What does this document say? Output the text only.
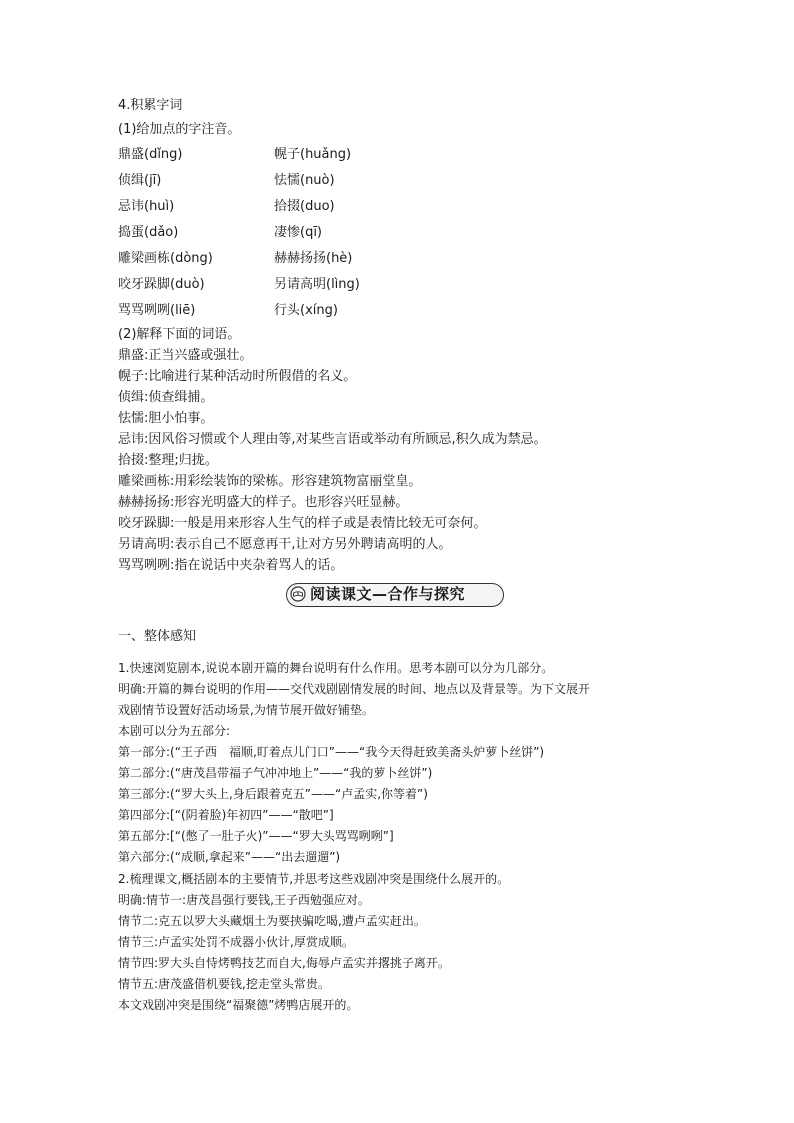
4.积累字词
(1)给加点的字注音。
鼎盛(dǐng)	幌子(huǎng)
侦缉(jī)	怯懦(nuò)
忌讳(huì)	拾掇(duo)
捣蛋(dǎo)	凄惨(qī)
雕梁画栋(dòng)	赫赫扬扬(hè)
咬牙跺脚(duò)	另请高明(lìng)
骂骂咧咧(liē)	行头(xíng)
(2)解释下面的词语。
鼎盛:正当兴盛或强壮。
幌子:比喻进行某种活动时所假借的名义。
侦缉:侦查缉捕。
怯懦:胆小怕事。
忌讳:因风俗习惯或个人理由等,对某些言语或举动有所顾忌,积久成为禁忌。
拾掇:整理;归拢。
雕梁画栋:用彩绘装饰的梁栋。形容建筑物富丽堂皇。
赫赫扬扬:形容光明盛大的样子。也形容兴旺显赫。
咬牙跺脚:一般是用来形容人生气的样子或是表情比较无可奈何。
另请高明:表示自己不愿意再干,让对方另外聘请高明的人。
骂骂咧咧:指在说话中夹杂着骂人的话。
阅读课文—合作与探究
一、整体感知
1.快速浏览剧本,说说本剧开篇的舞台说明有什么作用。思考本剧可以分为几部分。
明确:开篇的舞台说明的作用——交代戏剧剧情发展的时间、地点以及背景等。为下文展开
戏剧情节设置好活动场景,为情节展开做好铺垫。
本剧可以分为五部分:
第一部分:(“王子西　福顺,盯着点儿门口”——“我今天得赶致美斋头炉萝卜丝饼”)
第二部分:(“唐茂昌带福子气冲冲地上”——“我的萝卜丝饼”)
第三部分:(“罗大头上,身后跟着克五”——“卢孟实,你等着”)
第四部分:[“(阴着脸)年初四”——“散吧”]
第五部分:[“(憋了一肚子火)”——“罗大头骂骂咧咧”]
第六部分:(“成顺,拿起来”——“出去遛遛”)
2.梳理课文,概括剧本的主要情节,并思考这些戏剧冲突是围绕什么展开的。
明确:情节一:唐茂昌强行要钱,王子西勉强应对。
情节二:克五以罗大头藏烟土为要挟骗吃喝,遭卢孟实赶出。
情节三:卢孟实处罚不成器小伙计,厚赏成顺。
情节四:罗大头自恃烤鸭技艺而自大,侮辱卢孟实并撂挑子离开。
情节五:唐茂盛借机要钱,挖走堂头常贵。
本文戏剧冲突是围绕“福聚德”烤鸭店展开的。
